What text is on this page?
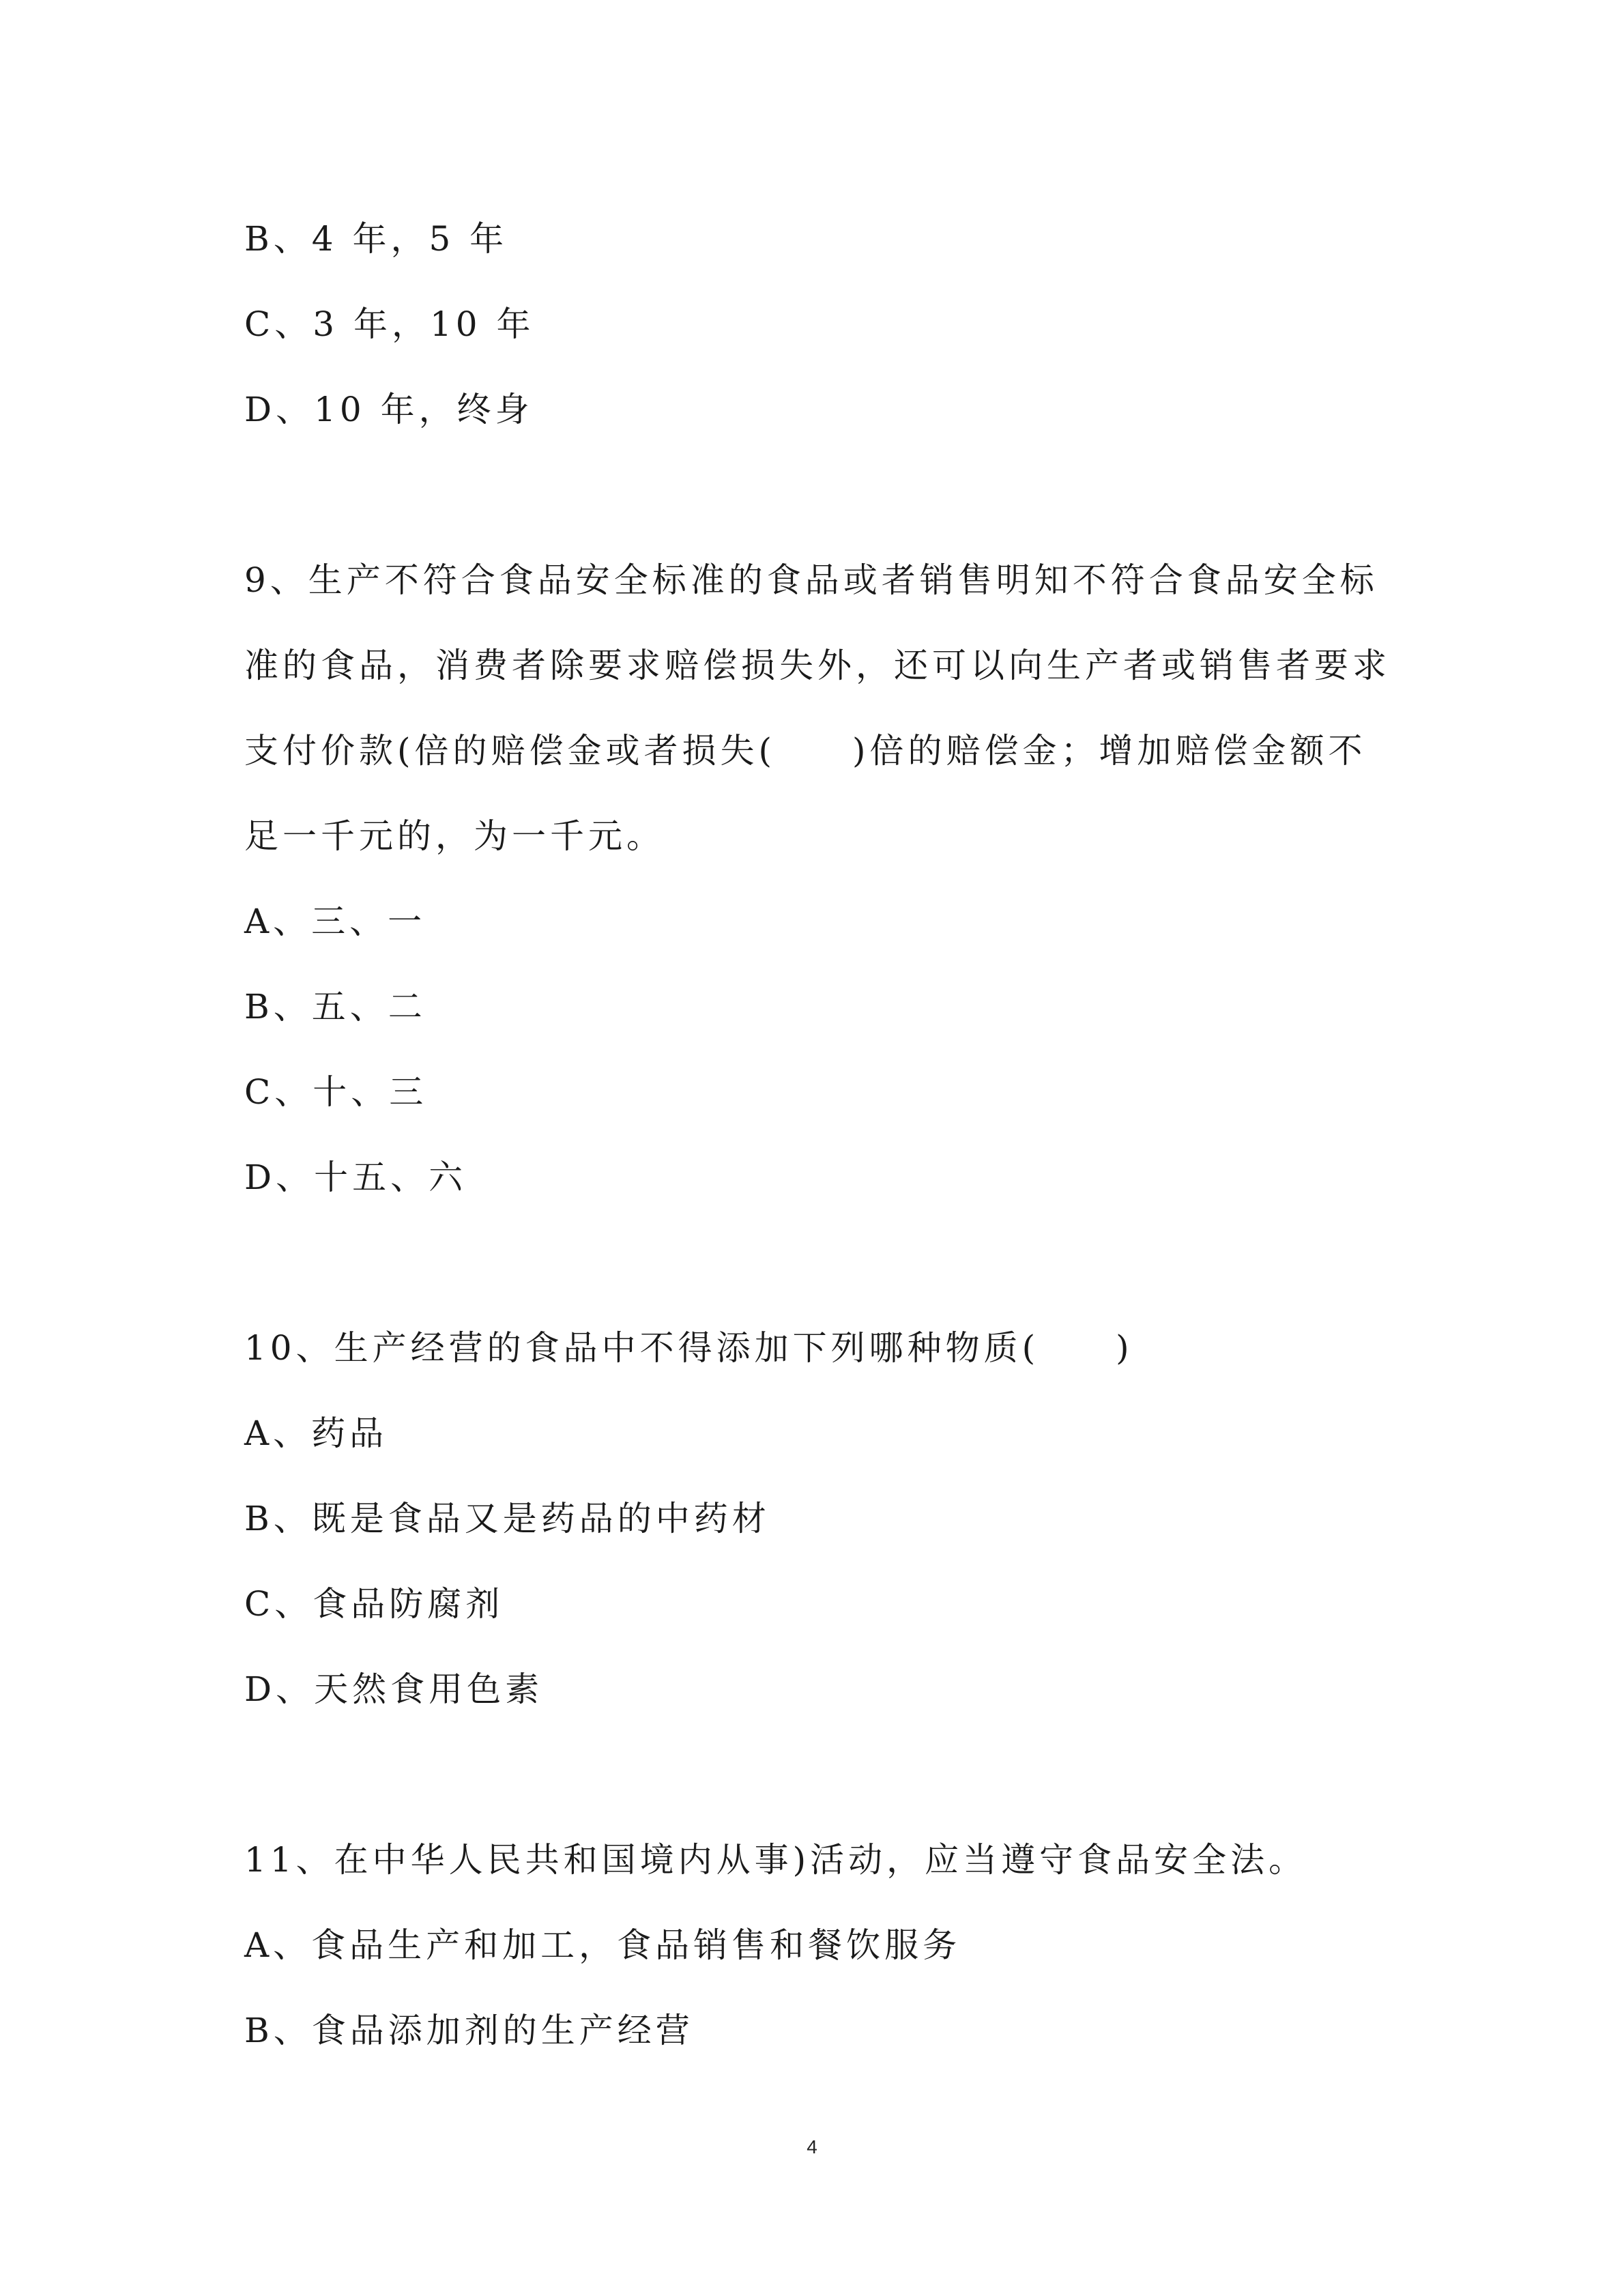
B、4 年，5 年
C、3 年，10 年
D、10 年，终身
9、生产不符合食品安全标准的食品或者销售明知不符合食品安全标
准的食品，消费者除要求赔偿损失外，还可以向生产者或销售者要求
支付价款(倍的赔偿金或者损失(　　)倍的赔偿金；增加赔偿金额不
足一千元的，为一千元。
A、三、一
B、五、二
C、十、三
D、十五、六
10、生产经营的食品中不得添加下列哪种物质(　　)
A、药品
B、既是食品又是药品的中药材
C、食品防腐剂
D、天然食用色素
11、在中华人民共和国境内从事)活动，应当遵守食品安全法。
A、食品生产和加工，食品销售和餐饮服务
B、食品添加剂的生产经营
4
